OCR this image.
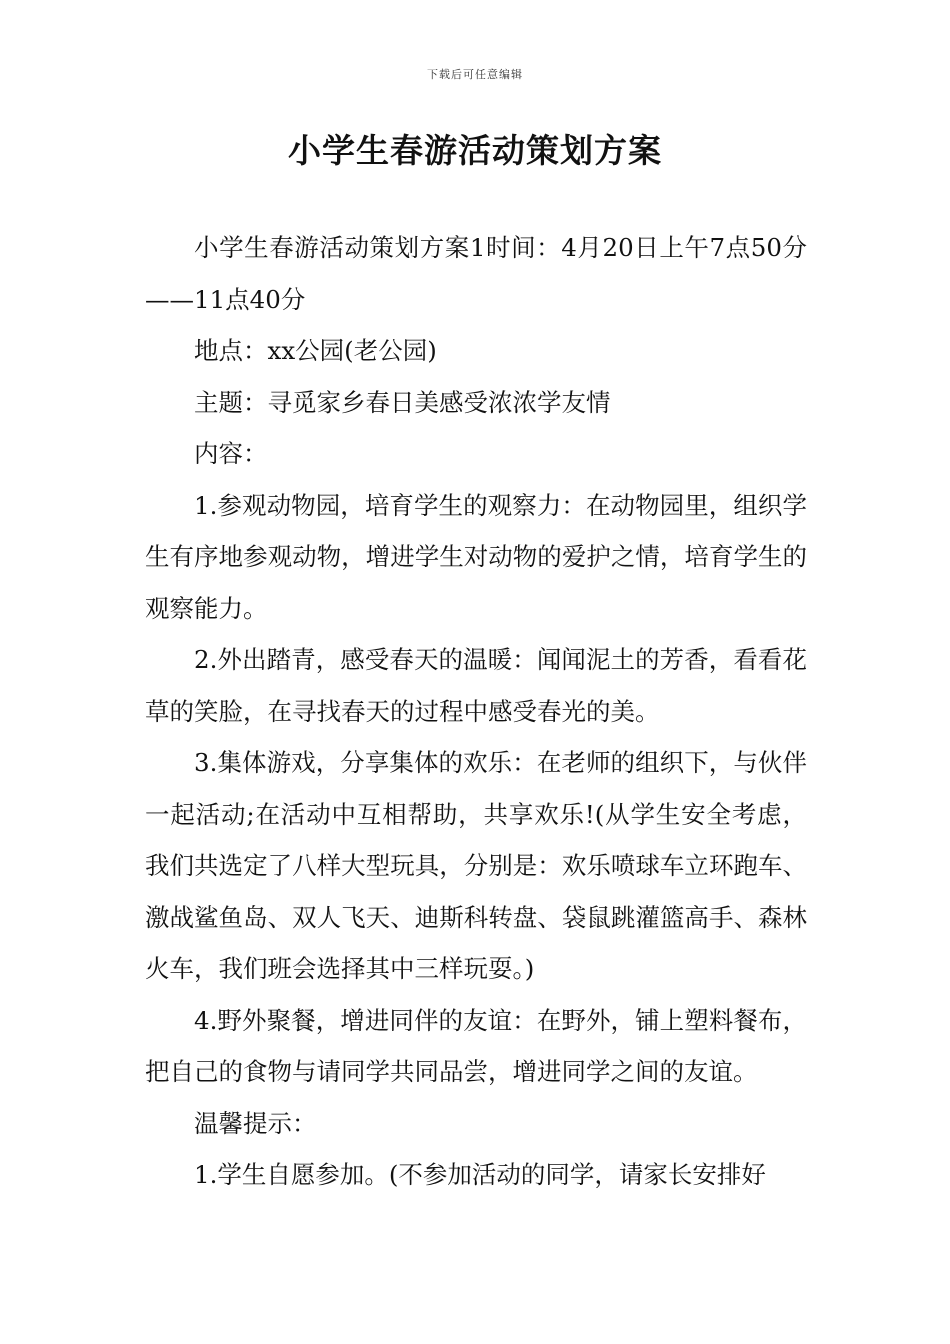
下载后可任意编辑
小学生春游活动策划方案

小学生春游活动策划方案1时间：4月20日上午7点50分——11点40分

地点：xx公园(老公园)

主题：寻觅家乡春日美感受浓浓学友情

内容：

1.参观动物园，培育学生的观察力：在动物园里，组织学生有序地参观动物，增进学生对动物的爱护之情，培育学生的观察能力。

2.外出踏青，感受春天的温暖：闻闻泥土的芳香，看看花草的笑脸，在寻找春天的过程中感受春光的美。

3.集体游戏，分享集体的欢乐：在老师的组织下，与伙伴一起活动;在活动中互相帮助，共享欢乐!(从学生安全考虑，我们共选定了八样大型玩具，分别是：欢乐喷球车立环跑车、激战鲨鱼岛、双人飞天、迪斯科转盘、袋鼠跳灌篮高手、森林火车，我们班会选择其中三样玩耍。)

4.野外聚餐，增进同伴的友谊：在野外，铺上塑料餐布，把自己的食物与请同学共同品尝，增进同学之间的友谊。

温馨提示：

1.学生自愿参加。(不参加活动的同学，请家长安排好
